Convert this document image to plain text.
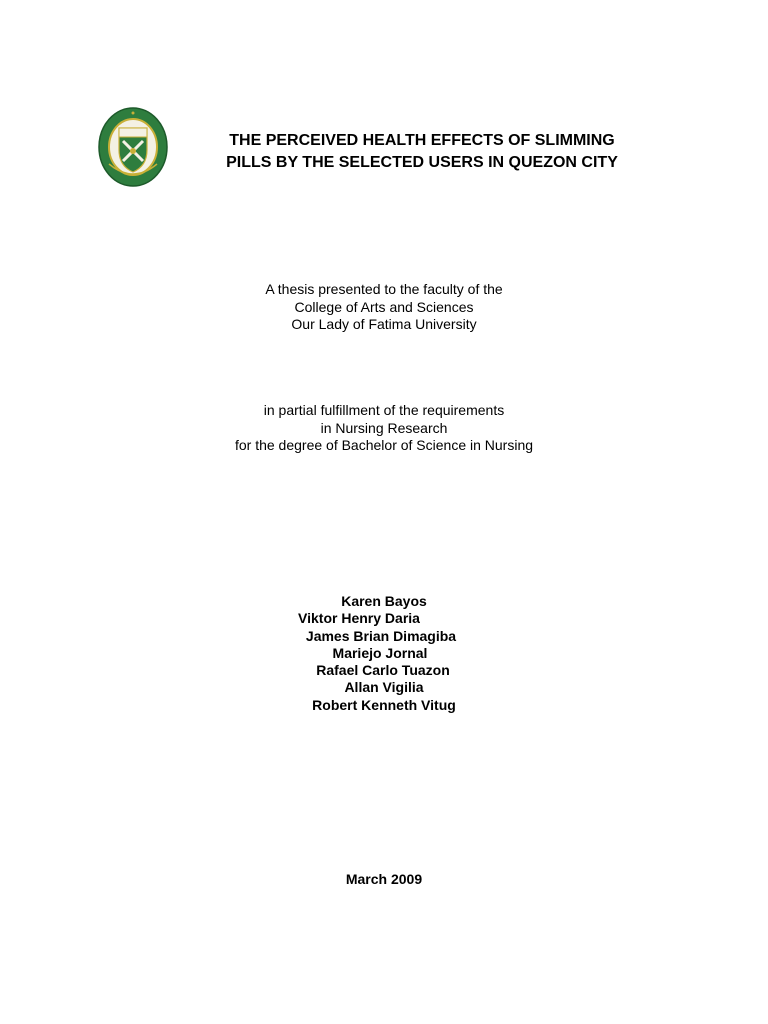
THE PERCEIVED HEALTH EFFECTS OF SLIMMING
PILLS BY THE SELECTED USERS IN QUEZON CITY
A thesis presented to the faculty of the
College of Arts and Sciences
Our Lady of Fatima University
in partial fulfillment of the requirements
in Nursing Research
for the degree of Bachelor of Science in Nursing
Karen Bayos
Viktor Henry Daria
James Brian Dimagiba
Mariejo Jornal
Rafael Carlo Tuazon
Allan Vigilia
Robert Kenneth Vitug
March 2009
